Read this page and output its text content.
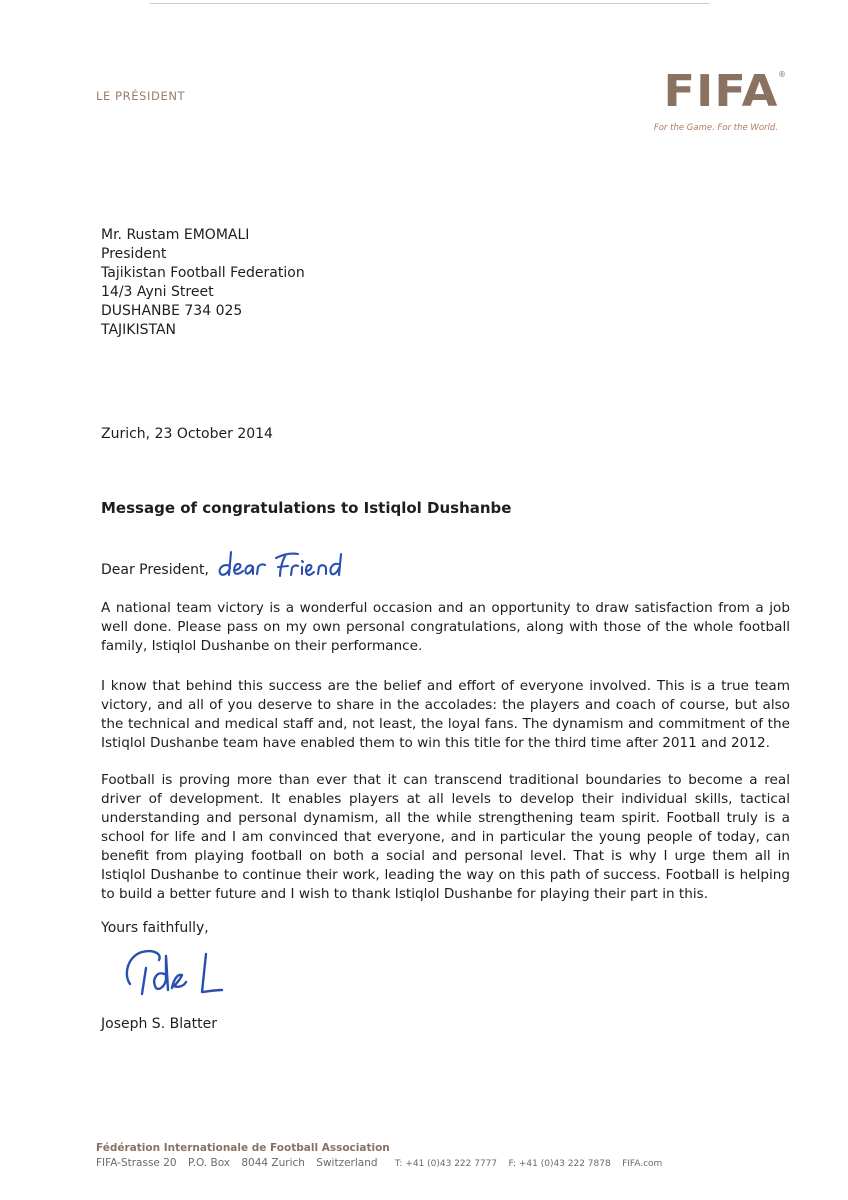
LE PRÉSIDENT	FIFA ®
For the Game. For the World.
Mr. Rustam EMOMALI
President
Tajikistan Football Federation
14/3 Ayni Street
DUSHANBE 734 025
TAJIKISTAN
Zurich, 23 October 2014
Message of congratulations to Istiqlol Dushanbe
Dear President,

A national team victory is a wonderful occasion and an opportunity to draw satisfaction from a job well done. Please pass on my own personal congratulations, along with those of the whole football family, Istiqlol Dushanbe on their performance.

I know that behind this success are the belief and effort of everyone involved. This is a true team victory, and all of you deserve to share in the accolades: the players and coach of course, but also the technical and medical staff and, not least, the loyal fans. The dynamism and commitment of the Istiqlol Dushanbe team have enabled them to win this title for the third time after 2011 and 2012.

Football is proving more than ever that it can transcend traditional boundaries to become a real driver of development. It enables players at all levels to develop their individual skills, tactical understanding and personal dynamism, all the while strengthening team spirit. Football truly is a school for life and I am convinced that everyone, and in particular the young people of today, can benefit from playing football on both a social and personal level. That is why I urge them all in Istiqlol Dushanbe to continue their work, leading the way on this path of success. Football is helping to build a better future and I wish to thank Istiqlol Dushanbe for playing their part in this.

Yours faithfully,
Joseph S. Blatter
Fédération Internationale de Football Association
FIFA-Strasse 20 P.O. Box 8044 Zurich Switzerland T: +41 (0)43 222 7777 F: +41 (0)43 222 7878 FIFA.com
